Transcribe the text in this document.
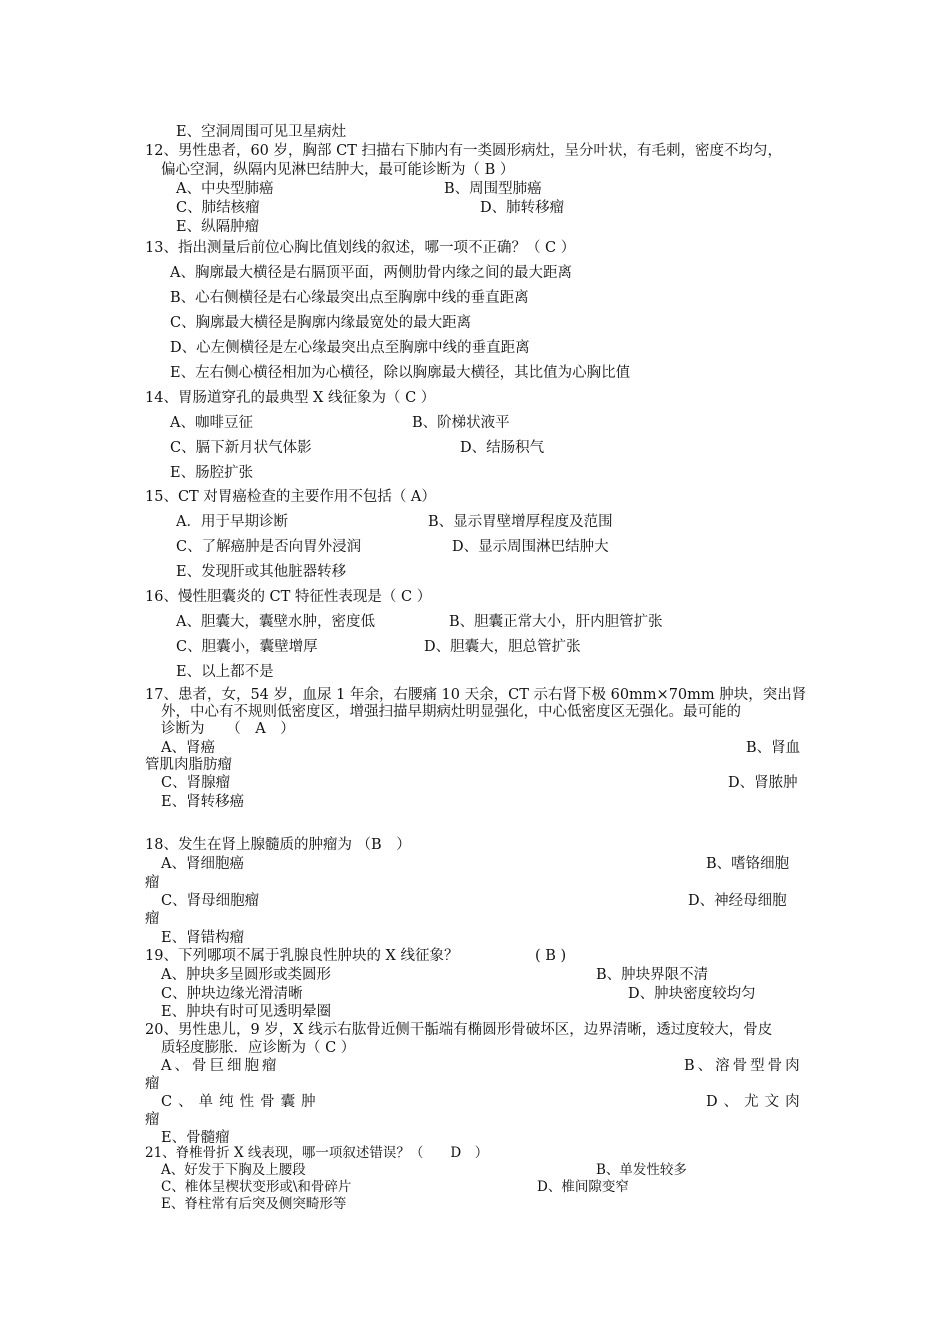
E、空洞周围可见卫星病灶
12、男性患者，60 岁，胸部 CT 扫描右下肺内有一类圆形病灶，呈分叶状，有毛刺，密度不均匀，
偏心空洞，纵隔内见淋巴结肿大，最可能诊断为（ B ）
A、中央型肺癌	B、周围型肺癌
C、肺结核瘤	D、肺转移瘤
E、纵隔肿瘤
13、指出测量后前位心胸比值划线的叙述，哪一项不正确？（ C ）
A、胸廓最大横径是右膈顶平面，两侧肋骨内缘之间的最大距离
B、心右侧横径是右心缘最突出点至胸廓中线的垂直距离
C、胸廓最大横径是胸廓内缘最宽处的最大距离
D、心左侧横径是左心缘最突出点至胸廓中线的垂直距离
E、左右侧心横径相加为心横径，除以胸廓最大横径，其比值为心胸比值
14、胃肠道穿孔的最典型 X 线征象为（ C ）
A、咖啡豆征	B、阶梯状液平
C、膈下新月状气体影	D、结肠积气
E、肠腔扩张
15、CT 对胃癌检查的主要作用不包括（ A）
A．用于早期诊断	B、显示胃壁增厚程度及范围
C、了解癌肿是否向胃外浸润	D、显示周围淋巴结肿大
E、发现肝或其他脏器转移
16、慢性胆囊炎的 CT 特征性表现是（ C ）
A、胆囊大，囊壁水肿，密度低	B、胆囊正常大小，肝内胆管扩张
C、胆囊小，囊壁增厚	D、胆囊大，胆总管扩张
E、以上都不是
17、患者，女，54 岁，血尿 1 年余，右腰痛 10 天余，CT 示右肾下极 60mm×70mm 肿块，突出肾
外，中心有不规则低密度区，增强扫描早期病灶明显强化，中心低密度区无强化。最可能的
诊断为　　（　A　）
A、肾癌	B、肾血
管肌肉脂肪瘤
C、肾腺瘤	D、肾脓肿
E、肾转移癌
18、发生在肾上腺髓质的肿瘤为 （B　）
A、肾细胞癌	B、嗜铬细胞
瘤
C、肾母细胞瘤	D、神经母细胞
瘤
E、肾错构瘤
19、下列哪项不属于乳腺良性肿块的 X 线征象？	( B )
A、肿块多呈圆形或类圆形	B、肿块界限不清
C、肿块边缘光滑清晰	D、肿块密度较均匀
E、肿块有时可见透明晕圈
20、男性患儿，9 岁，X 线示右肱骨近侧干骺端有椭圆形骨破坏区，边界清晰，透过度较大，骨皮
质轻度膨胀．应诊断为（ C ）
A、骨巨细胞瘤	B、溶骨型骨肉
瘤
C、单纯性骨囊肿	D、尤文肉
瘤
E、骨髓瘤
21、脊椎骨折 X 线表现，哪一项叙述错误？（　　D　）
A、好发于下胸及上腰段	B、单发性较多
C、椎体呈楔状变形或\和骨碎片	D、椎间隙变窄
E、脊柱常有后突及侧突畸形等
